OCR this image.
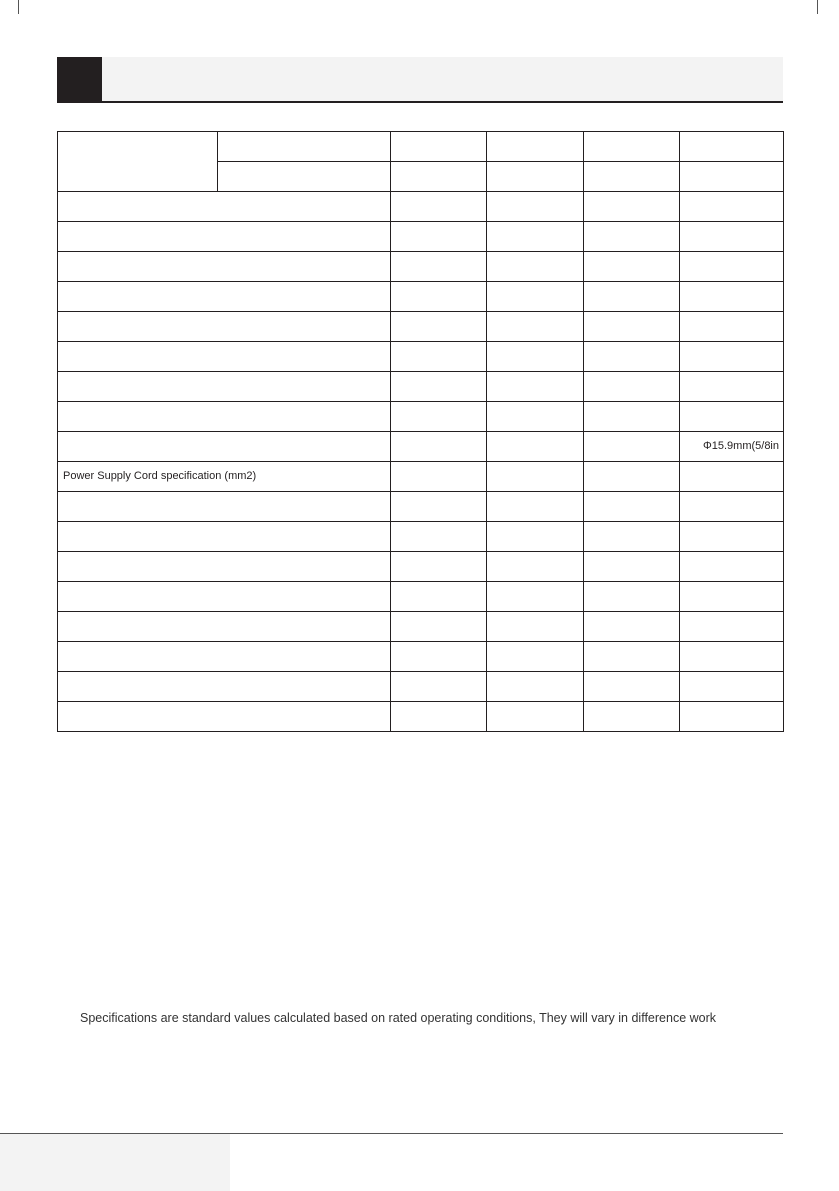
					Φ15.9mm(5/8in
Power Supply Cord specification (mm2)					

Specifications are standard values calculated based on rated operating conditions, They will vary in difference work
